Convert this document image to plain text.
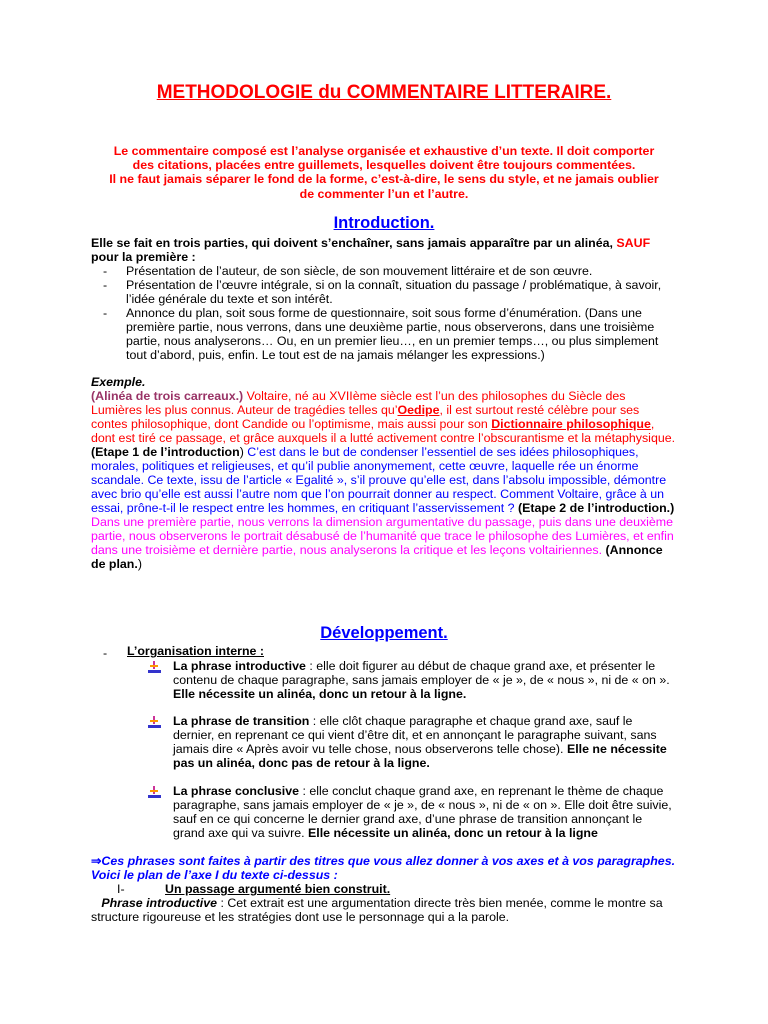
METHODOLOGIE du COMMENTAIRE LITTERAIRE.
Le commentaire composé est l’analyse organisée et exhaustive d’un texte. Il doit comporter
des citations, placées entre guillemets, lesquelles doivent être toujours commentées.
Il ne faut jamais séparer le fond de la forme, c’est-à-dire, le sens du style, et ne jamais oublier
de commenter l’un et l’autre.
Introduction.

Elle se fait en trois parties, qui doivent s’enchaîner, sans jamais apparaître par un alinéa, SAUF
pour la première :

- Présentation de l’auteur, de son siècle, de son mouvement littéraire et de son œuvre.
- Présentation de l’œuvre intégrale, si on la connaît, situation du passage / problématique, à savoir, l’idée générale du texte et son intérêt.
- Annonce du plan, soit sous forme de questionnaire, soit sous forme d’énumération. (Dans une première partie, nous verrons, dans une deuxième partie, nous observerons, dans une troisième partie, nous analyserons… Ou, en un premier lieu…, en un premier temps…, ou plus simplement tout d’abord, puis, enfin. Le tout est de na jamais mélanger les expressions.)
Exemple.

(Alinéa de trois carreaux.) Voltaire, né au XVIIème siècle est l’un des philosophes du Siècle des Lumières les plus connus. Auteur de tragédies telles qu’Oedipe, il est surtout resté célèbre pour ses contes philosophique, dont Candide ou l’optimisme, mais aussi pour son Dictionnaire philosophique, dont est tiré ce passage, et grâce auxquels il a lutté activement contre l’obscurantisme et la métaphysique. (Etape 1 de l’introduction) C’est dans le but de condenser l’essentiel de ses idées philosophiques, morales, politiques et religieuses, et qu’il publie anonymement, cette œuvre, laquelle rée un énorme scandale. Ce texte, issu de l’article « Egalité », s’il prouve qu’elle est, dans l’absolu impossible, démontre avec brio qu’elle est aussi l’autre nom que l’on pourrait donner au respect. Comment Voltaire, grâce à un essai, prône-t-il le respect entre les hommes, en critiquant l’asservissement ? (Etape 2 de l’introduction.) Dans une première partie, nous verrons la dimension argumentative du passage, puis dans une deuxième partie, nous observerons le portrait désabusé de l’humanité que trace le philosophe des Lumières, et enfin dans une troisième et dernière partie, nous analyserons la critique et les leçons voltairiennes. (Annonce de plan.)

Développement.
- L’organisation interne :
La phrase introductive : elle doit figurer au début de chaque grand axe, et présenter le contenu de chaque paragraphe, sans jamais employer de « je », de « nous », ni de « on ». Elle nécessite un alinéa, donc un retour à la ligne.
La phrase de transition : elle clôt chaque paragraphe et chaque grand axe, sauf le dernier, en reprenant ce qui vient d’être dit, et en annonçant le paragraphe suivant, sans jamais dire « Après avoir vu telle chose, nous observerons telle chose). Elle ne nécessite pas un alinéa, donc pas de retour à la ligne.
La phrase conclusive : elle conclut chaque grand axe, en reprenant le thème de chaque paragraphe, sans jamais employer de « je », de « nous », ni de « on ». Elle doit être suivie, sauf en ce qui concerne le dernier grand axe, d’une phrase de transition annonçant le grand axe qui va suivre. Elle nécessite un alinéa, donc un retour à la ligne
⇒Ces phrases sont faites à partir des titres que vous allez donner à vos axes et à vos paragraphes. Voici le plan de l’axe I du texte ci-dessus :
I-	Un passage argumenté bien construit.
Phrase introductive : Cet extrait est une argumentation directe très bien menée, comme le montre sa structure rigoureuse et les stratégies dont use le personnage qui a la parole.
